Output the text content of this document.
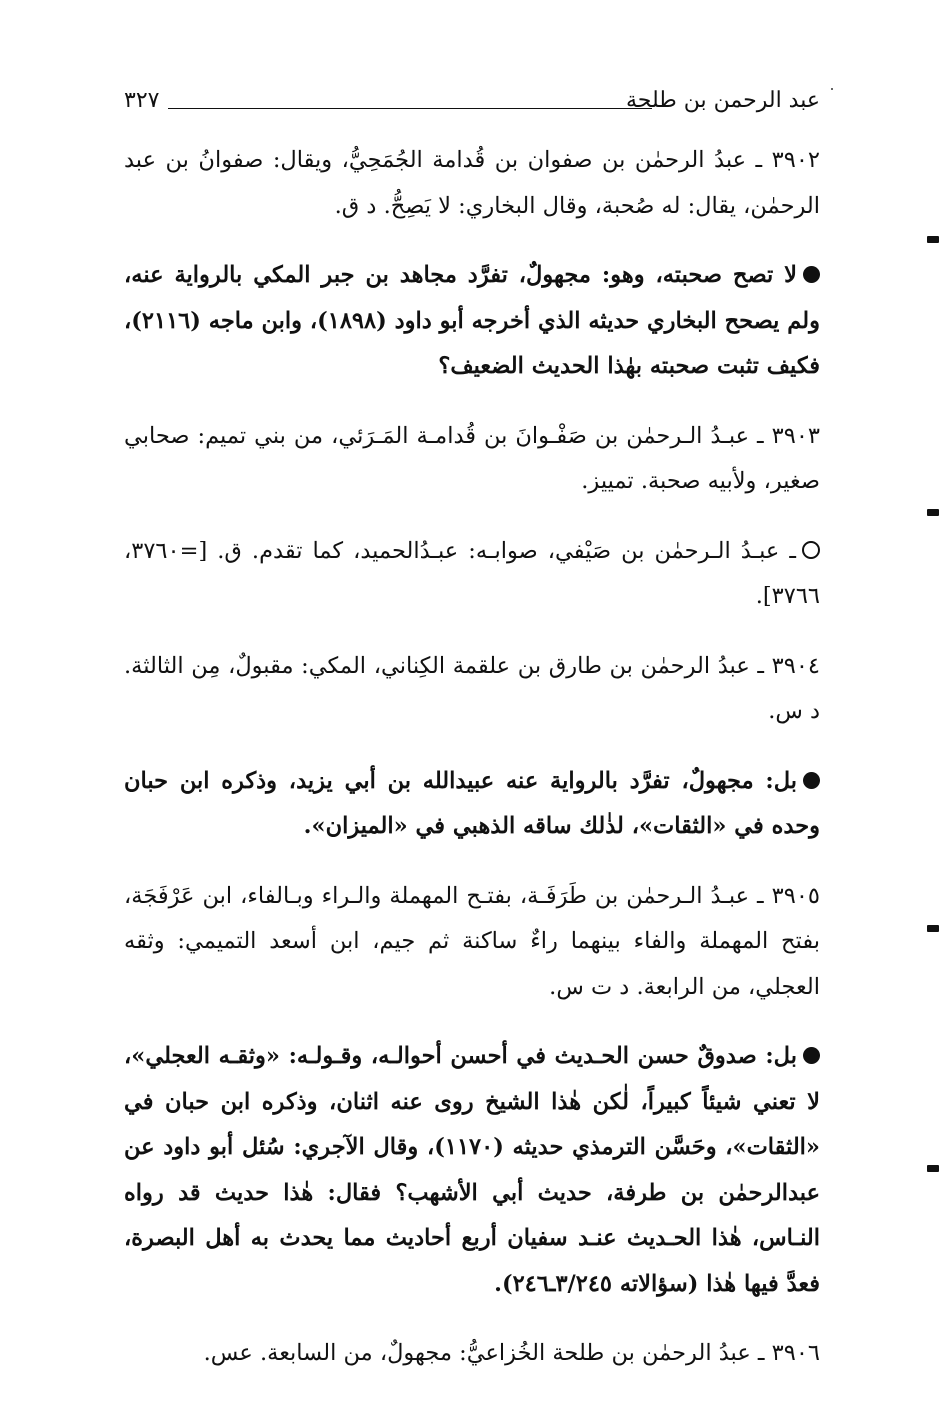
عبد الرحمن بن طلحة
٣٢٧

٣٩٠٢ ـ عبدُ الرحمٰن بن صفوان بن قُدامة الجُمَحِيُّ، ويقال: صفوانُ بن عبد الرحمٰن، يقال: له صُحبة، وقال البخاري: لا يَصِحُّ. د ق.

لا تصح صحبته، وهو: مجهولٌ، تفرَّد مجاهد بن جبر المكي بالرواية عنه، ولم يصحح البخاري حديثه الذي أخرجه أبو داود (١٨٩٨)، وابن ماجه (٢١١٦)، فكيف تثبت صحبته بهٰذا الحديث الضعيف؟

٣٩٠٣ ـ عبـدُ الـرحمٰن بن صَفْـوانَ بن قُدامـة المَـرَئي، من بني تميم: صحابي صغير، ولأبيه صحبة. تمييز.

ـ عبـدُ الـرحمٰن بن صَيْفي، صوابـه: عبـدُالحميد، كما تقدم. ق. [=٣٧٦٠، ٣٧٦٦].

٣٩٠٤ ـ عبدُ الرحمٰن بن طارق بن علقمة الكِناني، المكي: مقبولٌ، مِن الثالثة. د س.

بل: مجهولٌ، تفرَّد بالرواية عنه عبيدالله بن أبي يزيد، وذكره ابن حبان وحده في «الثقات»، لذٰلك ساقه الذهبي في «الميزان».

٣٩٠٥ ـ عبـدُ الـرحمٰن بن طَرَفَـة، بفتـح المهملة والـراء وبـالفاء، ابن عَرْفَجَة، بفتح المهملة والفاء بينهما راءٌ ساكنة ثم جيم، ابن أسعد التميمي: وثقه العجلي، من الرابعة. د ت س.

بل: صدوقٌ حسن الحـديث في أحسن أحوالـه، وقـولـه: «وثقـه العجلي»، لا تعني شيئاً كبيراً، لٰكن هٰذا الشيخ روى عنه اثنان، وذكره ابن حبان في «الثقات»، وحَسَّن الترمذي حديثه (١١٧٠)، وقال الآجري: سُئل أبو داود عن عبدالرحمٰن بن طرفة، حديث أبي الأشهب؟ فقال: هٰذا حديث قد رواه النـاس، هٰذا الحـديث عنـد سفيان أربع أحاديث مما يحدث به أهل البصرة، فعدَّ فيها هٰذا (سؤالاته ٣/٢٤٥ـ٢٤٦).

٣٩٠٦ ـ عبدُ الرحمٰن بن طلحة الخُزاعيُّ: مجهولٌ، من السابعة. عس.
